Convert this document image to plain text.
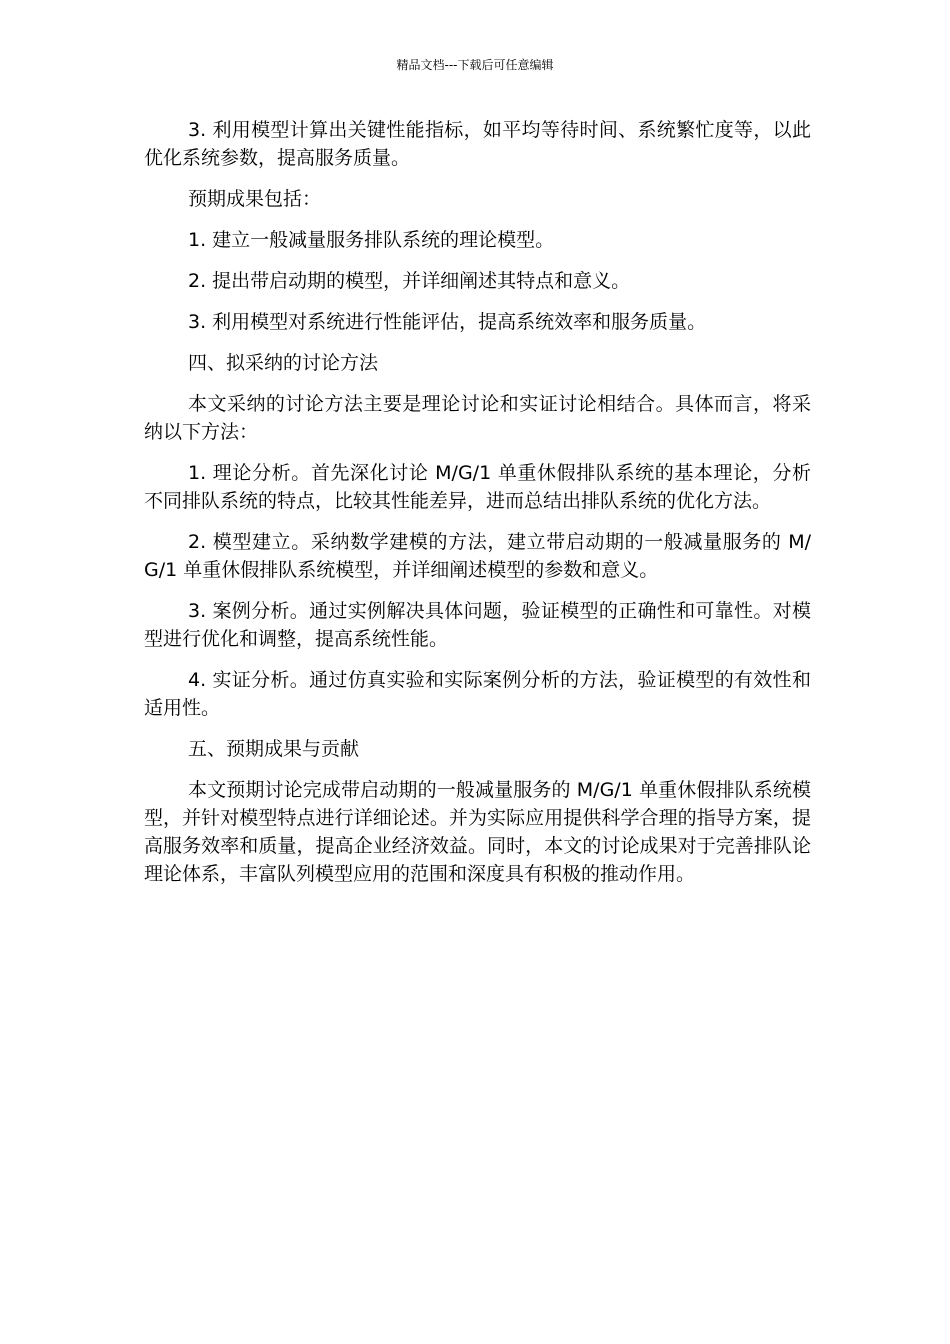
精品文档---下载后可任意编辑

3. 利用模型计算出关键性能指标，如平均等待时间、系统繁忙度等，以此优化系统参数，提高服务质量。

预期成果包括：

1. 建立一般减量服务排队系统的理论模型。

2. 提出带启动期的模型，并详细阐述其特点和意义。

3. 利用模型对系统进行性能评估，提高系统效率和服务质量。

四、拟采纳的讨论方法

本文采纳的讨论方法主要是理论讨论和实证讨论相结合。具体而言，将采纳以下方法：

1. 理论分析。首先深化讨论 M/G/1 单重休假排队系统的基本理论，分析不同排队系统的特点，比较其性能差异，进而总结出排队系统的优化方法。

2. 模型建立。采纳数学建模的方法，建立带启动期的一般减量服务的 M/G/1 单重休假排队系统模型，并详细阐述模型的参数和意义。

3. 案例分析。通过实例解决具体问题，验证模型的正确性和可靠性。对模型进行优化和调整，提高系统性能。

4. 实证分析。通过仿真实验和实际案例分析的方法，验证模型的有效性和适用性。

五、预期成果与贡献

本文预期讨论完成带启动期的一般减量服务的 M/G/1 单重休假排队系统模型，并针对模型特点进行详细论述。并为实际应用提供科学合理的指导方案，提高服务效率和质量，提高企业经济效益。同时，本文的讨论成果对于完善排队论理论体系，丰富队列模型应用的范围和深度具有积极的推动作用。
